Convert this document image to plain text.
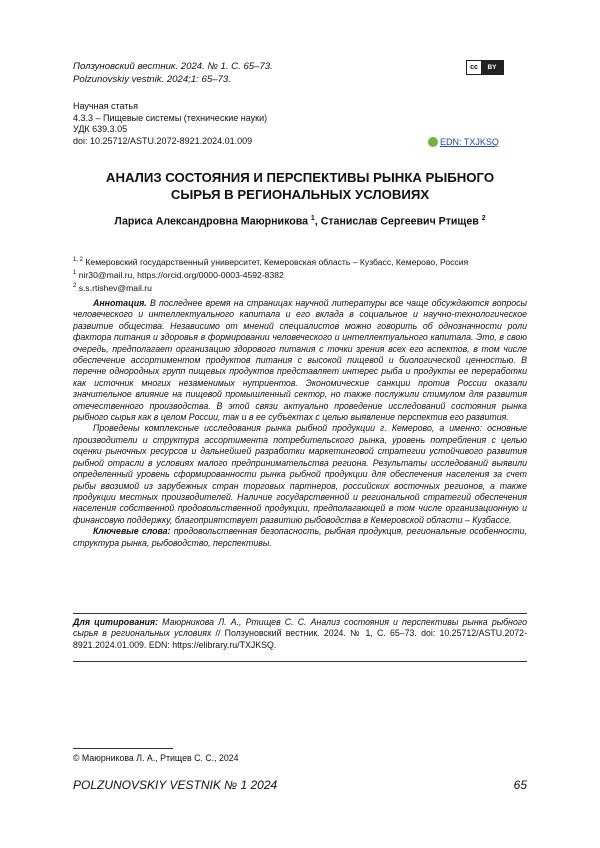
Ползуновский вестник. 2024. № 1. С. 65–73.
Polzunovskiy vestnik. 2024;1: 65–73.
cc	BY
Научная статья
4.3.3 – Пищевые системы (технические науки)
УДК 639.3.05
doi: 10.25712/ASTU.2072-8921.2024.01.009	EDN: TXJKSQ
АНАЛИЗ СОСТОЯНИЯ И ПЕРСПЕКТИВЫ РЫНКА РЫБНОГО
СЫРЬЯ В РЕГИОНАЛЬНЫХ УСЛОВИЯХ
Лариса Александровна Маюрникова $^1$, Станислав Сергеевич Ртищев $^2$
$^{1, 2}$ Кемеровский государственный университет, Кемеровская область – Кузбасс, Кемерово, Россия
$^1$ nir30@mail.ru, https://orcid.org/0000-0003-4592-8382
$^2$ s.s.rtishev@mail.ru

Аннотация. В последнее время на страницах научной литературы все чаще обсуждаются вопросы человеческого и интеллектуального капитала и его вклада в социальное и научно-технологическое развитие общества. Независимо от мнений специалистов можно говорить об однозначности роли фактора питания и здоровья в формировании человеческого и интеллектуального капитала. Это, в свою очередь, предполагает организацию здорового питания с точки зрения всех его аспектов, в том числе обеспечение ассортиментом продуктов питания с высокой пищевой и биологической ценностью. В перечне однородных групп пищевых продуктов представляет интерес рыба и продукты ее переработки как источник многих незаменимых нутриентов. Экономические санкции против России оказали значительное влияние на пищевой промышленный сектор, но также послужили стимулом для развития отечественного производства. В этой связи актуально проведение исследований состояния рынка рыбного сырья как в целом России, так и в ее субъектах с целью выявление перспектив его развития.

Проведены комплексные исследования рынка рыбной продукции г. Кемерово, а именно: основные производители и структура ассортимента потребительского рынка, уровень потребления с целью оценки рыночных ресурсов и дальнейшей разработки маркетинговой стратегии устойчивого развития рыбной отрасли в условиях малого предпринимательства региона. Результаты исследований выявили определенный уровень сформированности рынка рыбной продукции для обеспечения населения за счет рыбы ввозимой из зарубежных стран торговых партнеров, российских восточных регионов, а также продукции местных производителей. Наличие государственной и региональной стратегий обеспечения населения собственной продовольственной продукции, предполагающей в том числе организационную и финансовую поддержку, благоприятствует развитию рыбоводства в Кемеровской области – Кузбассе.

Ключевые слова: продовольственная безопасность, рыбная продукция, региональные особенности, структура рынка, рыбоводство, перспективы.

Для цитирования: Маюрникова Л. А., Ртищев С. С. Анализ состояния и перспективы рынка рыбного сырья в региональных условиях // Ползуновский вестник. 2024. № 1, С. 65–73. doi: 10.25712/ASTU.2072-8921.2024.01.009. EDN: https://elibrary.ru/TXJKSQ.
© Маюрникова Л. А., Ртищев С. С., 2024
POLZUNOVSKIY VESTNIK № 1 2024	65
